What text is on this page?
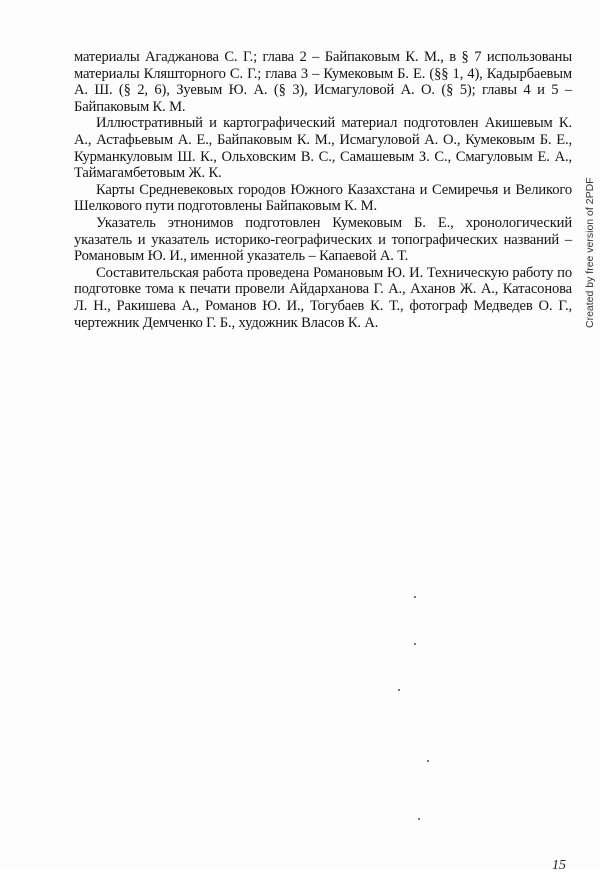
материалы Агаджанова С. Г.; глава 2 – Байпаковым К. М., в § 7 использованы материалы Кляшторного С. Г.; глава 3 – Кумековым Б. Е. (§§ 1, 4), Кадырбаевым А. Ш. (§ 2, 6), Зуевым Ю. А. (§ 3), Исмагуловой А. О. (§ 5); главы 4 и 5 – Байпаковым К. М.

Иллюстративный и картографический материал подготовлен Акишевым К. А., Астафьевым А. Е., Байпаковым К. М., Исмагуловой А. О., Кумековым Б. Е., Курманкуловым Ш. К., Ольховским В. С., Самашевым З. С., Смагуловым Е. А., Таймагамбетовым Ж. К.

Карты Средневековых городов Южного Казахстана и Семиречья и Великого Шелкового пути подготовлены Байпаковым К. М.

Указатель этнонимов подготовлен Кумековым Б. Е., хронологический указатель и указатель историко-географических и топографических названий – Романовым Ю. И., именной указатель – Капаевой А. Т.

Составительская работа проведена Романовым Ю. И. Техническую работу по подготовке тома к печати провели Айдарханова Г. А., Аханов Ж. А., Катасонова Л. Н., Ракишева А., Романов Ю. И., Тогубаев К. Т., фотограф Медведев О. Г., чертежник Демченко Г. Б., художник Власов К. А.	Created by free version of 2PDF
15
